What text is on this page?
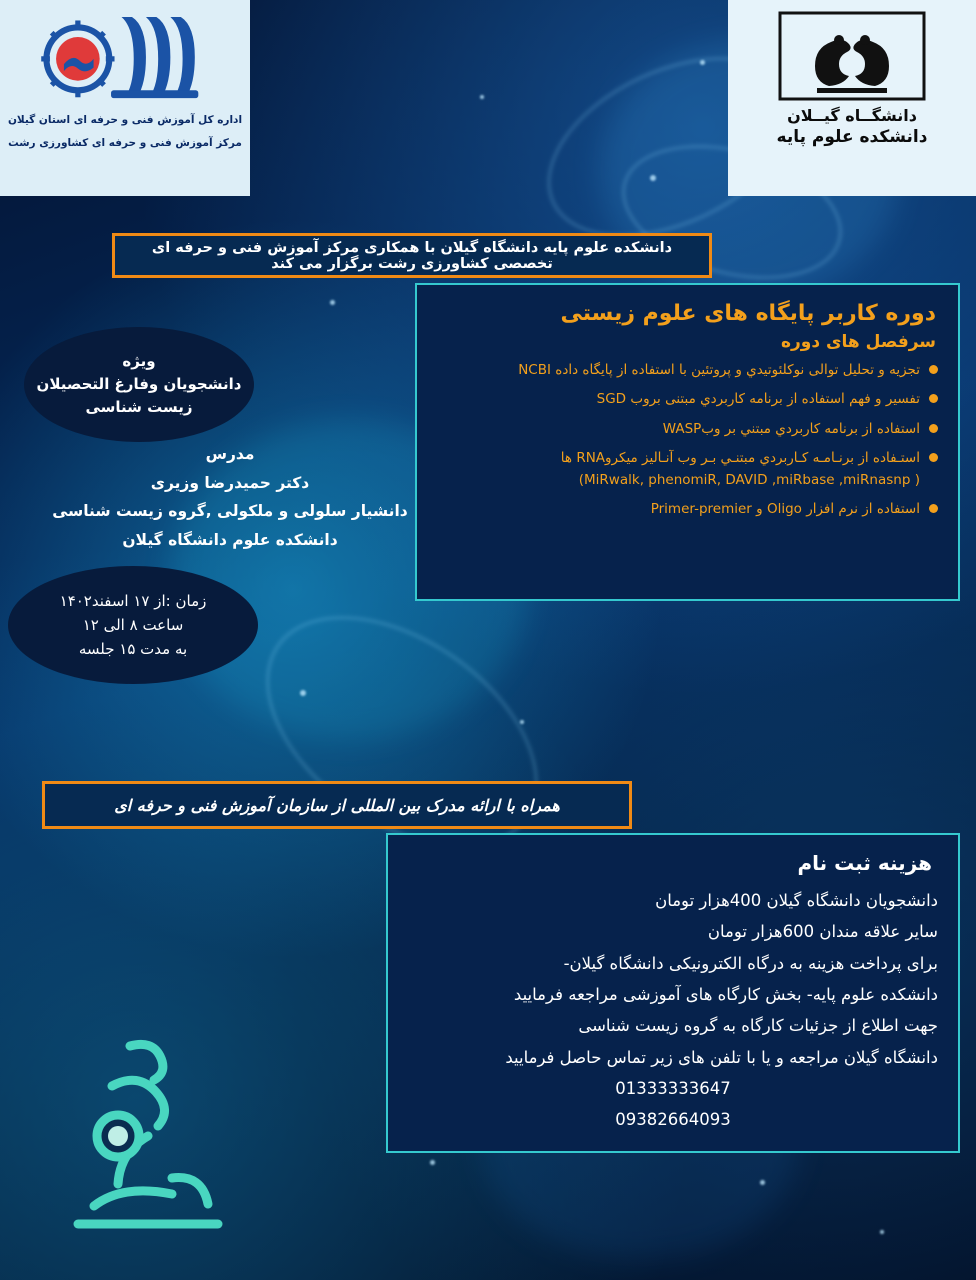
اداره کل آموزش فنی و حرفه ای استان گیلان
مرکز آموزش فنی و حرفه ای کشاورزی رشت
دانشگــاه گیــلان
دانشکده علوم پایه
دانشکده علوم پایه دانشگاه گیلان با همکاری مرکز آموزش فنی و حرفه ای تخصصی کشاورزی رشت برگزار می کند
دوره کاربر پایگاه های علوم زیستی
سرفصل های دوره
تجزیه و تحلیل توالی نوکلئوتیدي و پروتئین با استفاده از پایگاه داده NCBI
تفسیر و فهم استفاده از برنامه کاربردي مبتنی بروب SGD
استفاده از برنامه کاربردي مبتني بر وبWASP
استـفاده از برنـامـه کـاربردي مبتنـي بـر وب آنـالیز میکروRNA ها
( MiRwalk, phenomiR, DAVID ,miRbase ,miRnasnp)
استفاده از نرم افزار Oligo و Primer-premier
ویژه
دانشجویان وفارغ التحصیلان
زیست شناسی
مدرس
دکتر حمیدرضا وزیری
دانشیار سلولی و ملکولی ,گروه زیست شناسی
دانشکده علوم دانشگاه گیلان
زمان :از ۱۷ اسفند۱۴۰۲
ساعت ۸ الی ۱۲
به مدت ۱۵ جلسه
همراه با ارائه مدرک بین المللی از سازمان آموزش فنی و حرفه ای
هزینه ثبت نام
دانشجویان دانشگاه گیلان 400هزار تومان
سایر علاقه مندان 600هزار تومان
برای پرداخت هزینه به درگاه الکترونیکی دانشگاه گیلان-
دانشکده علوم پایه- بخش کارگاه های آموزشی مراجعه فرمایید
جهت اطلاع از جزئیات کارگاه به گروه زیست شناسی
دانشگاه گیلان مراجعه و یا با تلفن های زیر تماس حاصل فرمایید
01333333647
09382664093
